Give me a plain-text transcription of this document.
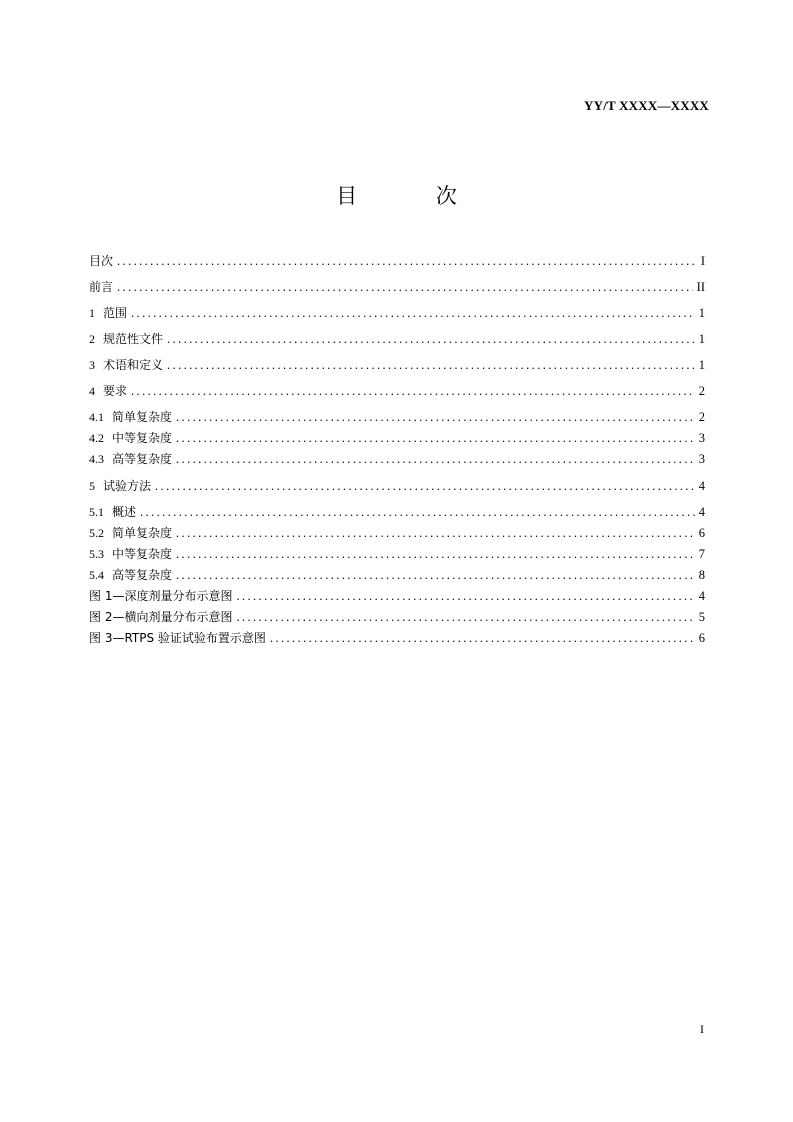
YY/T XXXX—XXXX
目 次
目次 .....	I
前言 .....	II
1 范围 .....	1
2 规范性文件 .....	1
3 术语和定义 .....	1
4 要求 .....	2
4.1 简单复杂度 .....	2
4.2 中等复杂度 .....	3
4.3 高等复杂度 .....	3
5 试验方法 .....	4
5.1 概述 .....	4
5.2 简单复杂度 .....	6
5.3 中等复杂度 .....	7
5.4 高等复杂度 .....	8
图 1—深度剂量分布示意图 .....	4
图 2—横向剂量分布示意图 .....	5
图 3—RTPS 验证试验布置示意图 .....	6
I
